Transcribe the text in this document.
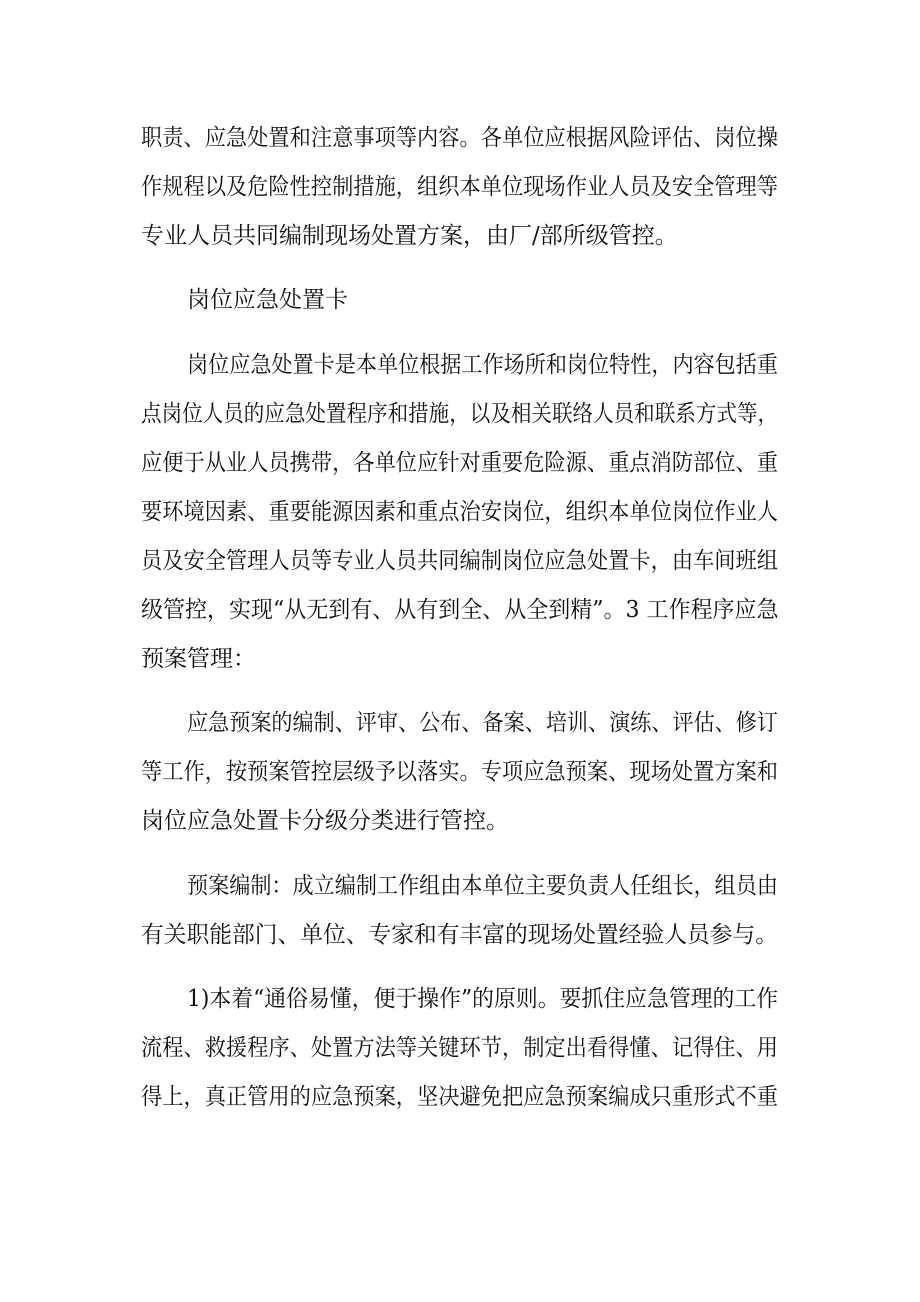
职责、应急处置和注意事项等内容。各单位应根据风险评估、岗位操
作规程以及危险性控制措施，组织本单位现场作业人员及安全管理等
专业人员共同编制现场处置方案，由厂/部所级管控。
岗位应急处置卡
岗位应急处置卡是本单位根据工作场所和岗位特性，内容包括重
点岗位人员的应急处置程序和措施，以及相关联络人员和联系方式等，
应便于从业人员携带，各单位应针对重要危险源、重点消防部位、重
要环境因素、重要能源因素和重点治安岗位，组织本单位岗位作业人
员及安全管理人员等专业人员共同编制岗位应急处置卡，由车间班组
级管控，实现“从无到有、从有到全、从全到精”。3 工作程序应急
预案管理：
应急预案的编制、评审、公布、备案、培训、演练、评估、修订
等工作，按预案管控层级予以落实。专项应急预案、现场处置方案和
岗位应急处置卡分级分类进行管控。
预案编制：成立编制工作组由本单位主要负责人任组长，组员由
有关职能部门、单位、专家和有丰富的现场处置经验人员参与。
1)本着“通俗易懂，便于操作”的原则。要抓住应急管理的工作
流程、救援程序、处置方法等关键环节，制定出看得懂、记得住、用
得上，真正管用的应急预案，坚决避免把应急预案编成只重形式不重
